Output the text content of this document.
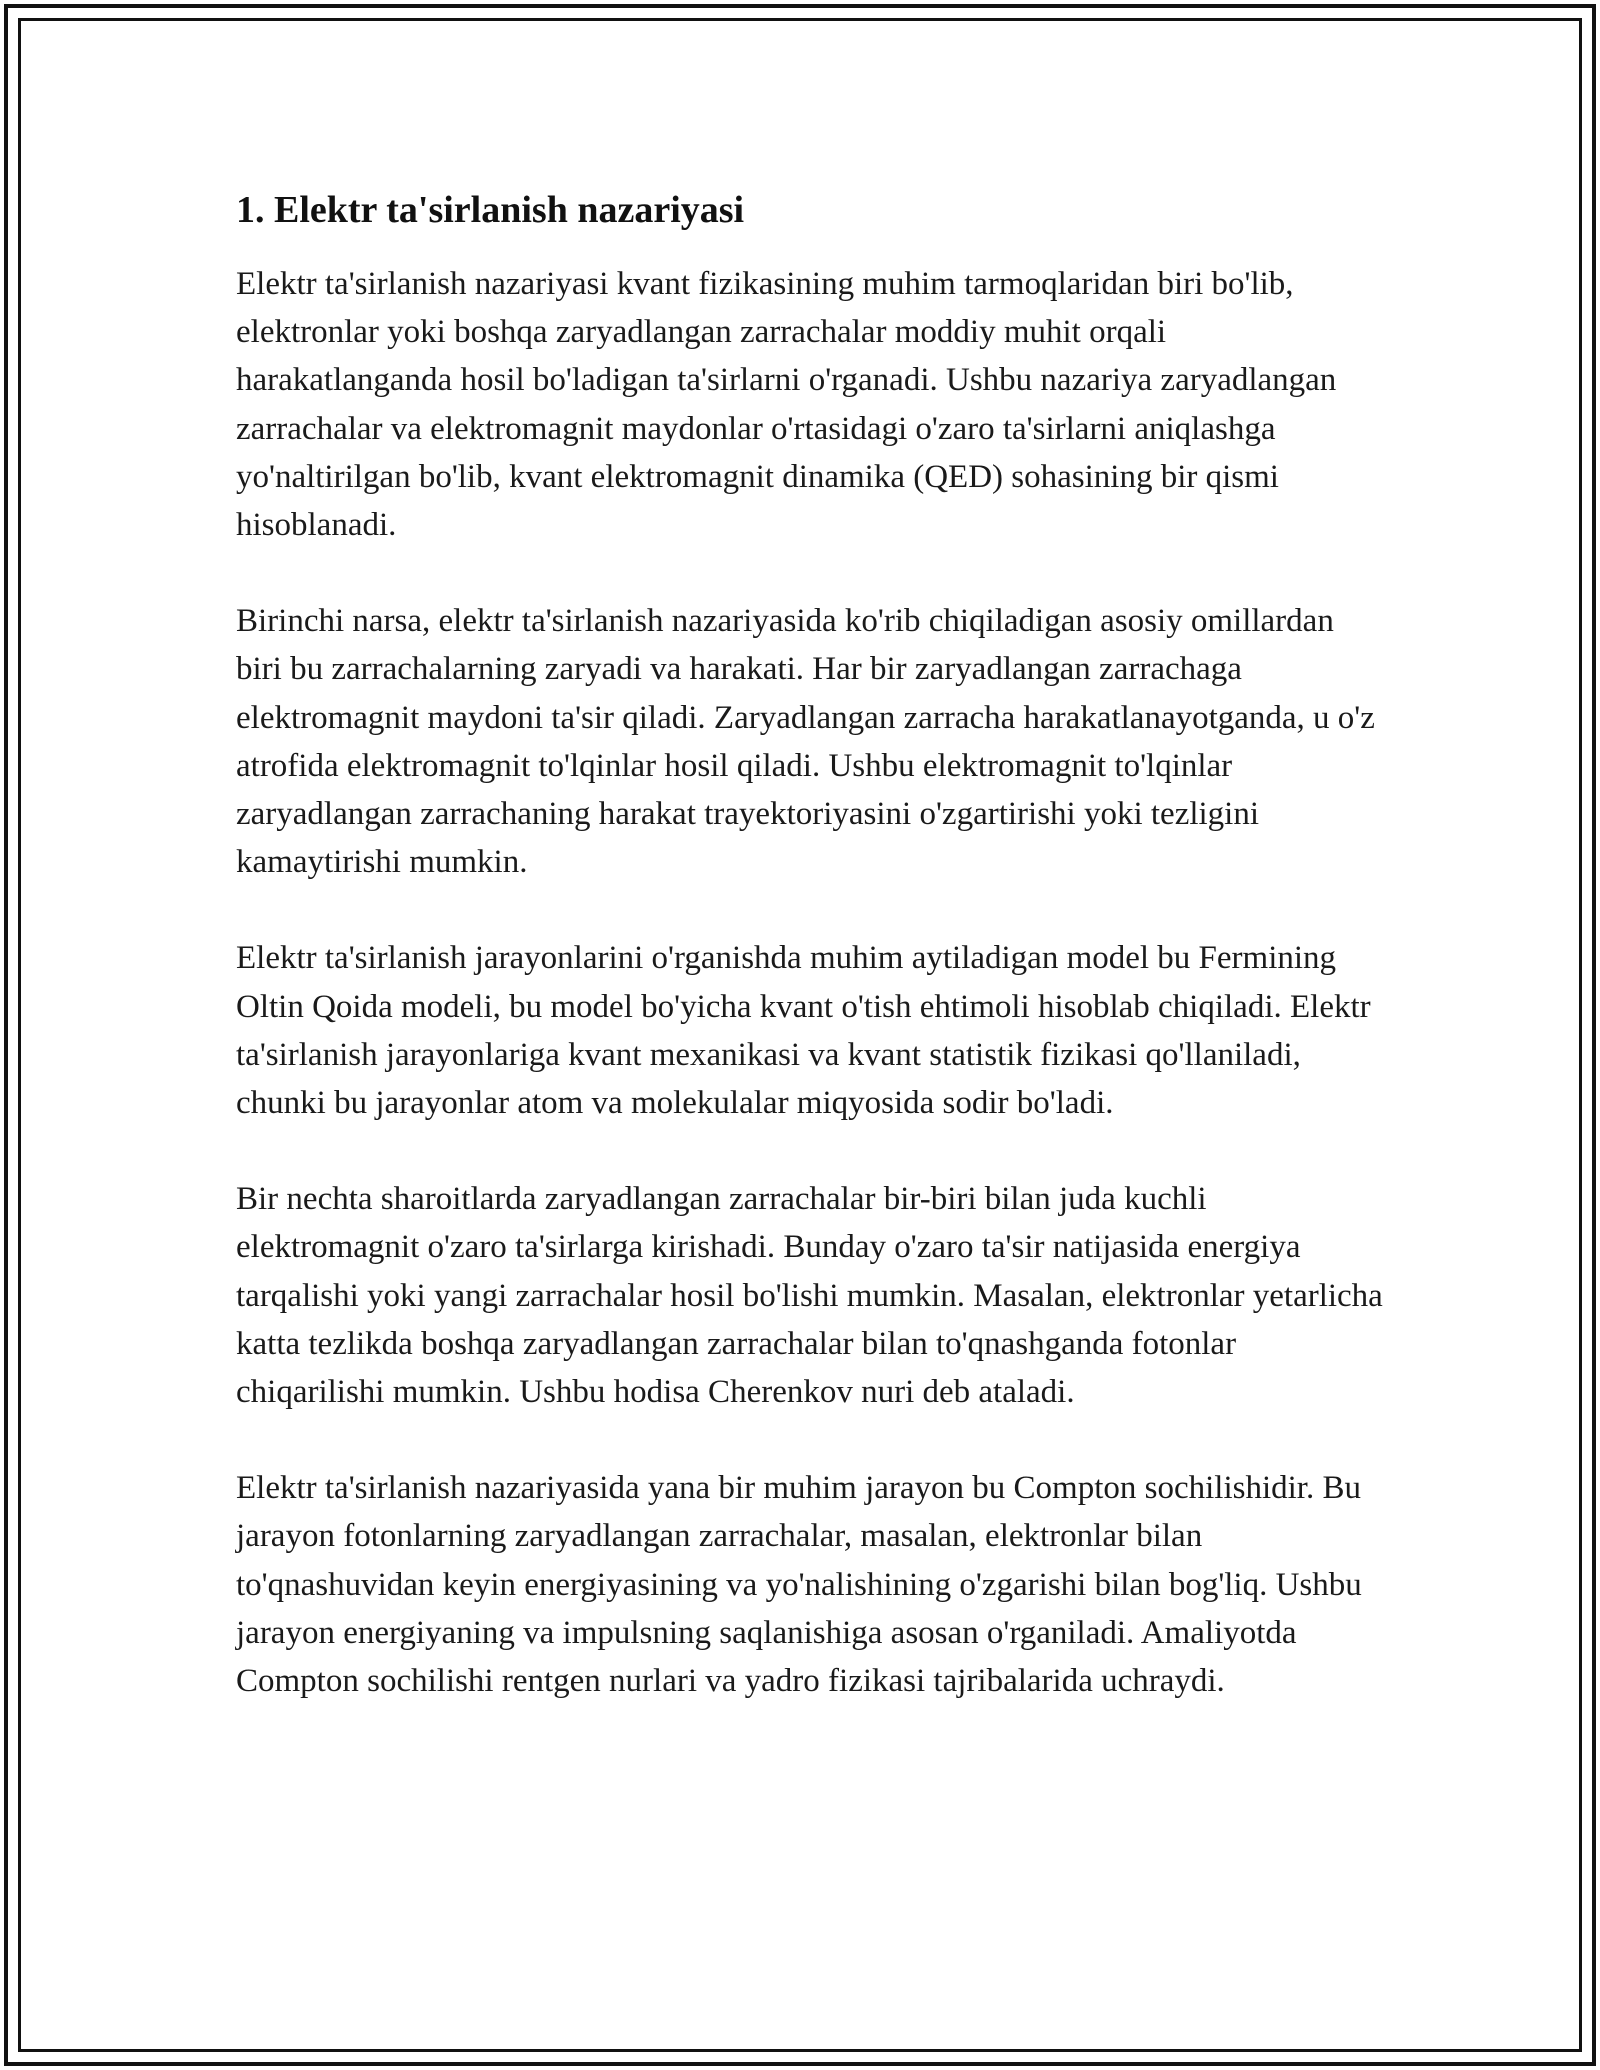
1. Elektr ta'sirlanish nazariyasi

Elektr ta'sirlanish nazariyasi kvant fizikasining muhim tarmoqlaridan biri bo'lib, elektronlar yoki boshqa zaryadlangan zarrachalar moddiy muhit orqali harakatlanganda hosil bo'ladigan ta'sirlarni o'rganadi. Ushbu nazariya zaryadlangan zarrachalar va elektromagnit maydonlar o'rtasidagi o'zaro ta'sirlarni aniqlashga yo'naltirilgan bo'lib, kvant elektromagnit dinamika (QED) sohasining bir qismi hisoblanadi.

Birinchi narsa, elektr ta'sirlanish nazariyasida ko'rib chiqiladigan asosiy omillardan biri bu zarrachalarning zaryadi va harakati. Har bir zaryadlangan zarrachaga elektromagnit maydoni ta'sir qiladi. Zaryadlangan zarracha harakatlanayotganda, u o'z atrofida elektromagnit to'lqinlar hosil qiladi. Ushbu elektromagnit to'lqinlar zaryadlangan zarrachaning harakat trayektoriyasini o'zgartirishi yoki tezligini kamaytirishi mumkin.

Elektr ta'sirlanish jarayonlarini o'rganishda muhim aytiladigan model bu Fermining Oltin Qoida modeli, bu model bo'yicha kvant o'tish ehtimoli hisoblab chiqiladi. Elektr ta'sirlanish jarayonlariga kvant mexanikasi va kvant statistik fizikasi qo'llaniladi, chunki bu jarayonlar atom va molekulalar miqyosida sodir bo'ladi.

Bir nechta sharoitlarda zaryadlangan zarrachalar bir-biri bilan juda kuchli elektromagnit o'zaro ta'sirlarga kirishadi. Bunday o'zaro ta'sir natijasida energiya tarqalishi yoki yangi zarrachalar hosil bo'lishi mumkin. Masalan, elektronlar yetarlicha katta tezlikda boshqa zaryadlangan zarrachalar bilan to'qnashganda fotonlar chiqarilishi mumkin. Ushbu hodisa Cherenkov nuri deb ataladi.

Elektr ta'sirlanish nazariyasida yana bir muhim jarayon bu Compton sochilishidir. Bu jarayon fotonlarning zaryadlangan zarrachalar, masalan, elektronlar bilan to'qnashuvidan keyin energiyasining va yo'nalishining o'zgarishi bilan bog'liq. Ushbu jarayon energiyaning va impulsning saqlanishiga asosan o'rganiladi. Amaliyotda Compton sochilishi rentgen nurlari va yadro fizikasi tajribalarida uchraydi.
